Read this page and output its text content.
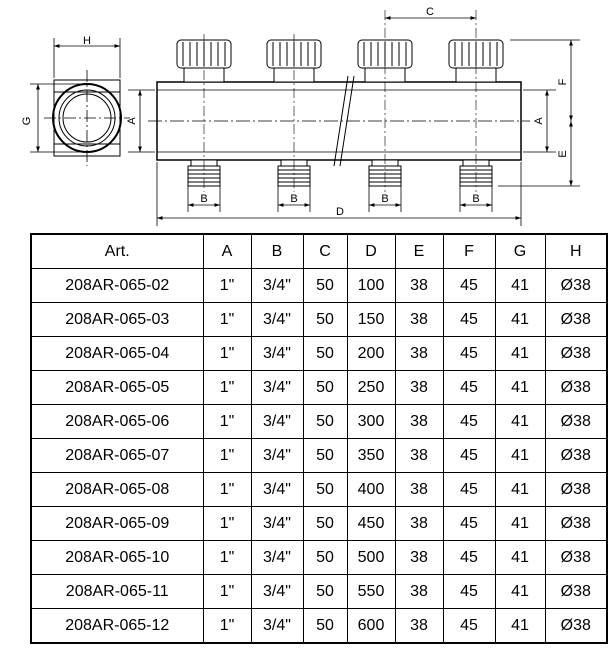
H
G
C
B	B	B	B
D
A	A
F
E
Art.	A	B	C	D	E	F	G	H
208AR-065-02	1"	3/4"	50	100	38	45	41	Ø38
208AR-065-03	1"	3/4"	50	150	38	45	41	Ø38
208AR-065-04	1"	3/4"	50	200	38	45	41	Ø38
208AR-065-05	1"	3/4"	50	250	38	45	41	Ø38
208AR-065-06	1"	3/4"	50	300	38	45	41	Ø38
208AR-065-07	1"	3/4"	50	350	38	45	41	Ø38
208AR-065-08	1"	3/4"	50	400	38	45	41	Ø38
208AR-065-09	1"	3/4"	50	450	38	45	41	Ø38
208AR-065-10	1"	3/4"	50	500	38	45	41	Ø38
208AR-065-11	1"	3/4"	50	550	38	45	41	Ø38
208AR-065-12	1"	3/4"	50	600	38	45	41	Ø38
